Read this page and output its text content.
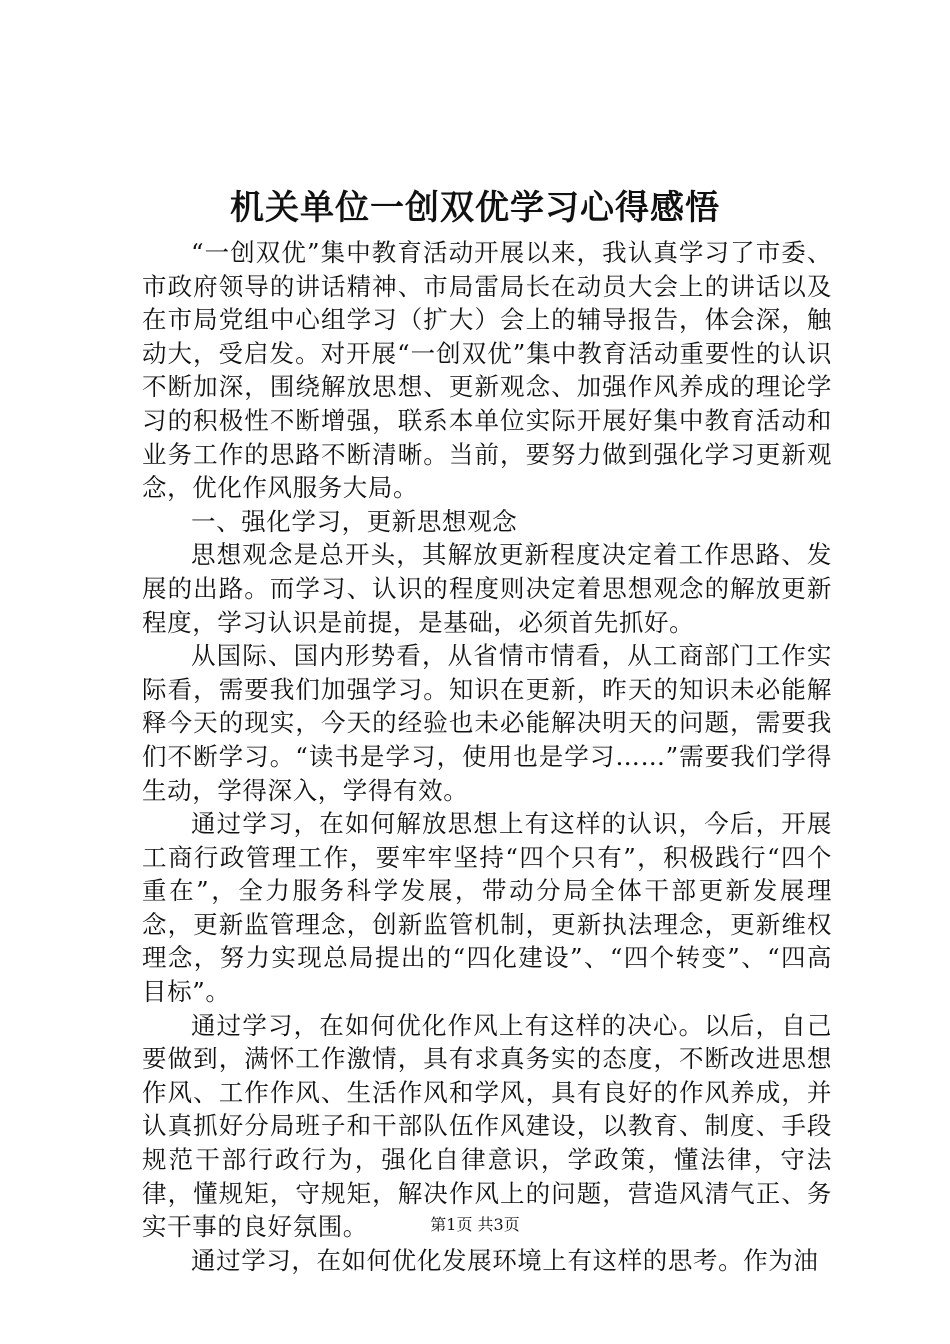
机关单位一创双优学习心得感悟

“一创双优”集中教育活动开展以来，我认真学习了市委、市政府领导的讲话精神、市局雷局长在动员大会上的讲话以及在市局党组中心组学习（扩大）会上的辅导报告，体会深，触动大，受启发。对开展“一创双优”集中教育活动重要性的认识不断加深，围绕解放思想、更新观念、加强作风养成的理论学习的积极性不断增强，联系本单位实际开展好集中教育活动和业务工作的思路不断清晰。当前，要努力做到强化学习更新观念，优化作风服务大局。

一、强化学习，更新思想观念

思想观念是总开头，其解放更新程度决定着工作思路、发展的出路。而学习、认识的程度则决定着思想观念的解放更新程度，学习认识是前提，是基础，必须首先抓好。

从国际、国内形势看，从省情市情看，从工商部门工作实际看，需要我们加强学习。知识在更新，昨天的知识未必能解释今天的现实，今天的经验也未必能解决明天的问题，需要我们不断学习。“读书是学习，使用也是学习……”需要我们学得生动，学得深入，学得有效。

通过学习，在如何解放思想上有这样的认识，今后，开展工商行政管理工作，要牢牢坚持“四个只有”，积极践行“四个重在”，全力服务科学发展，带动分局全体干部更新发展理念，更新监管理念，创新监管机制，更新执法理念，更新维权理念，努力实现总局提出的“四化建设”、“四个转变”、“四高目标”。

通过学习，在如何优化作风上有这样的决心。以后，自己要做到，满怀工作激情，具有求真务实的态度，不断改进思想作风、工作作风、生活作风和学风，具有良好的作风养成，并认真抓好分局班子和干部队伍作风建设，以教育、制度、手段规范干部行政行为，强化自律意识，学政策，懂法律，守法律，懂规矩，守规矩，解决作风上的问题，营造风清气正、务实干事的良好氛围。

通过学习，在如何优化发展环境上有这样的思考。作为油

第1页 共3页
